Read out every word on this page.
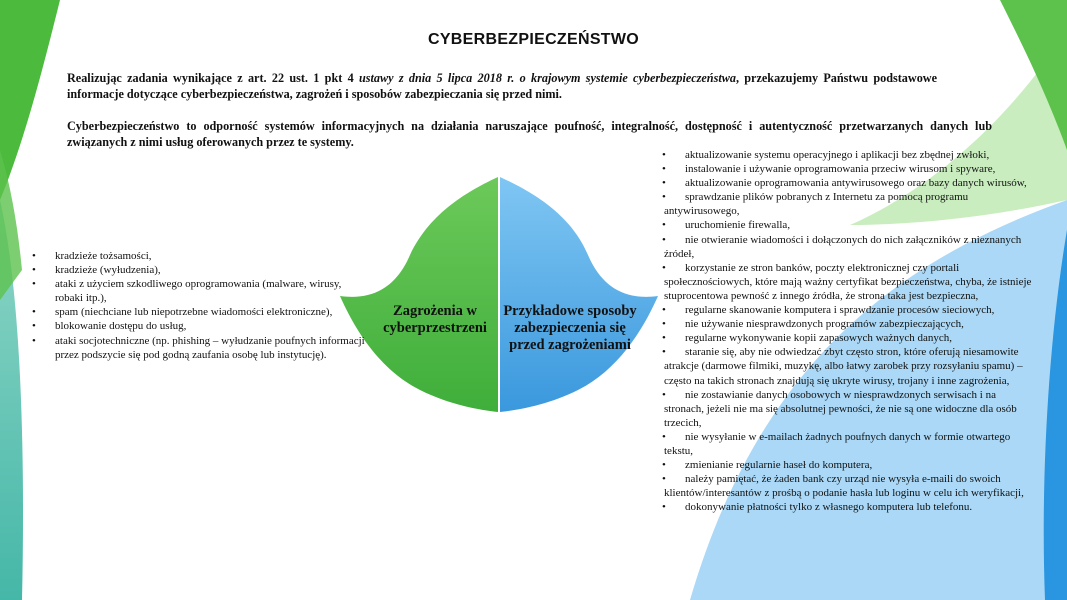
CYBERBEZPIECZEŃSTWO
Realizując zadania wynikające z art. 22 ust. 1 pkt 4 ustawy z dnia 5 lipca 2018 r. o krajowym systemie cyberbezpieczeństwa, przekazujemy Państwu podstawowe informacje dotyczące cyberbezpieczeństwa, zagrożeń i sposobów zabezpieczania się przed nimi.
Cyberbezpieczeństwo to odporność systemów informacyjnych na działania naruszające poufność, integralność, dostępność i autentyczność przetwarzanych danych lub związanych z nimi usług oferowanych przez te systemy.
Zagrożenia w cyberprzestrzeni
Przykładowe sposoby zabezpieczenia się przed zagrożeniami
• kradzieże tożsamości,
• kradzieże (wyłudzenia),
• ataki z użyciem szkodliwego oprogramowania (malware, wirusy, robaki itp.),
• spam (niechciane lub niepotrzebne wiadomości elektroniczne),
• blokowanie dostępu do usług,
• ataki socjotechniczne (np. phishing – wyłudzanie poufnych informacji przez podszycie się pod godną zaufania osobę lub instytucję).
• aktualizowanie systemu operacyjnego i aplikacji bez zbędnej zwłoki,
• instalowanie i używanie oprogramowania przeciw wirusom i spyware,
• aktualizowanie oprogramowania antywirusowego oraz bazy danych wirusów,
• sprawdzanie plików pobranych z Internetu za pomocą programu antywirusowego,
• uruchomienie firewalla,
• nie otwieranie wiadomości i dołączonych do nich załączników z nieznanych źródeł,
• korzystanie ze stron banków, poczty elektronicznej czy portali społecznościowych, które mają ważny certyfikat bezpieczeństwa, chyba, że istnieje stuprocentowa pewność z innego źródła, że strona taka jest bezpieczna,
• regularne skanowanie komputera i sprawdzanie procesów sieciowych,
• nie używanie niesprawdzonych programów zabezpieczających,
• regularne wykonywanie kopii zapasowych ważnych danych,
• staranie się, aby nie odwiedzać zbyt często stron, które oferują niesamowite atrakcje (darmowe filmiki, muzykę, albo łatwy zarobek przy rozsyłaniu spamu) – często na takich stronach znajdują się ukryte wirusy, trojany i inne zagrożenia,
• nie zostawianie danych osobowych w niesprawdzonych serwisach i na stronach, jeżeli nie ma się absolutnej pewności, że nie są one widoczne dla osób trzecich,
• nie wysyłanie w e-mailach żadnych poufnych danych w formie otwartego tekstu,
• zmienianie regularnie haseł do komputera,
• należy pamiętać, że żaden bank czy urząd nie wysyła e-maili do swoich klientów/interesantów z prośbą o podanie hasła lub loginu w celu ich weryfikacji,
• dokonywanie płatności tylko z własnego komputera lub telefonu.
